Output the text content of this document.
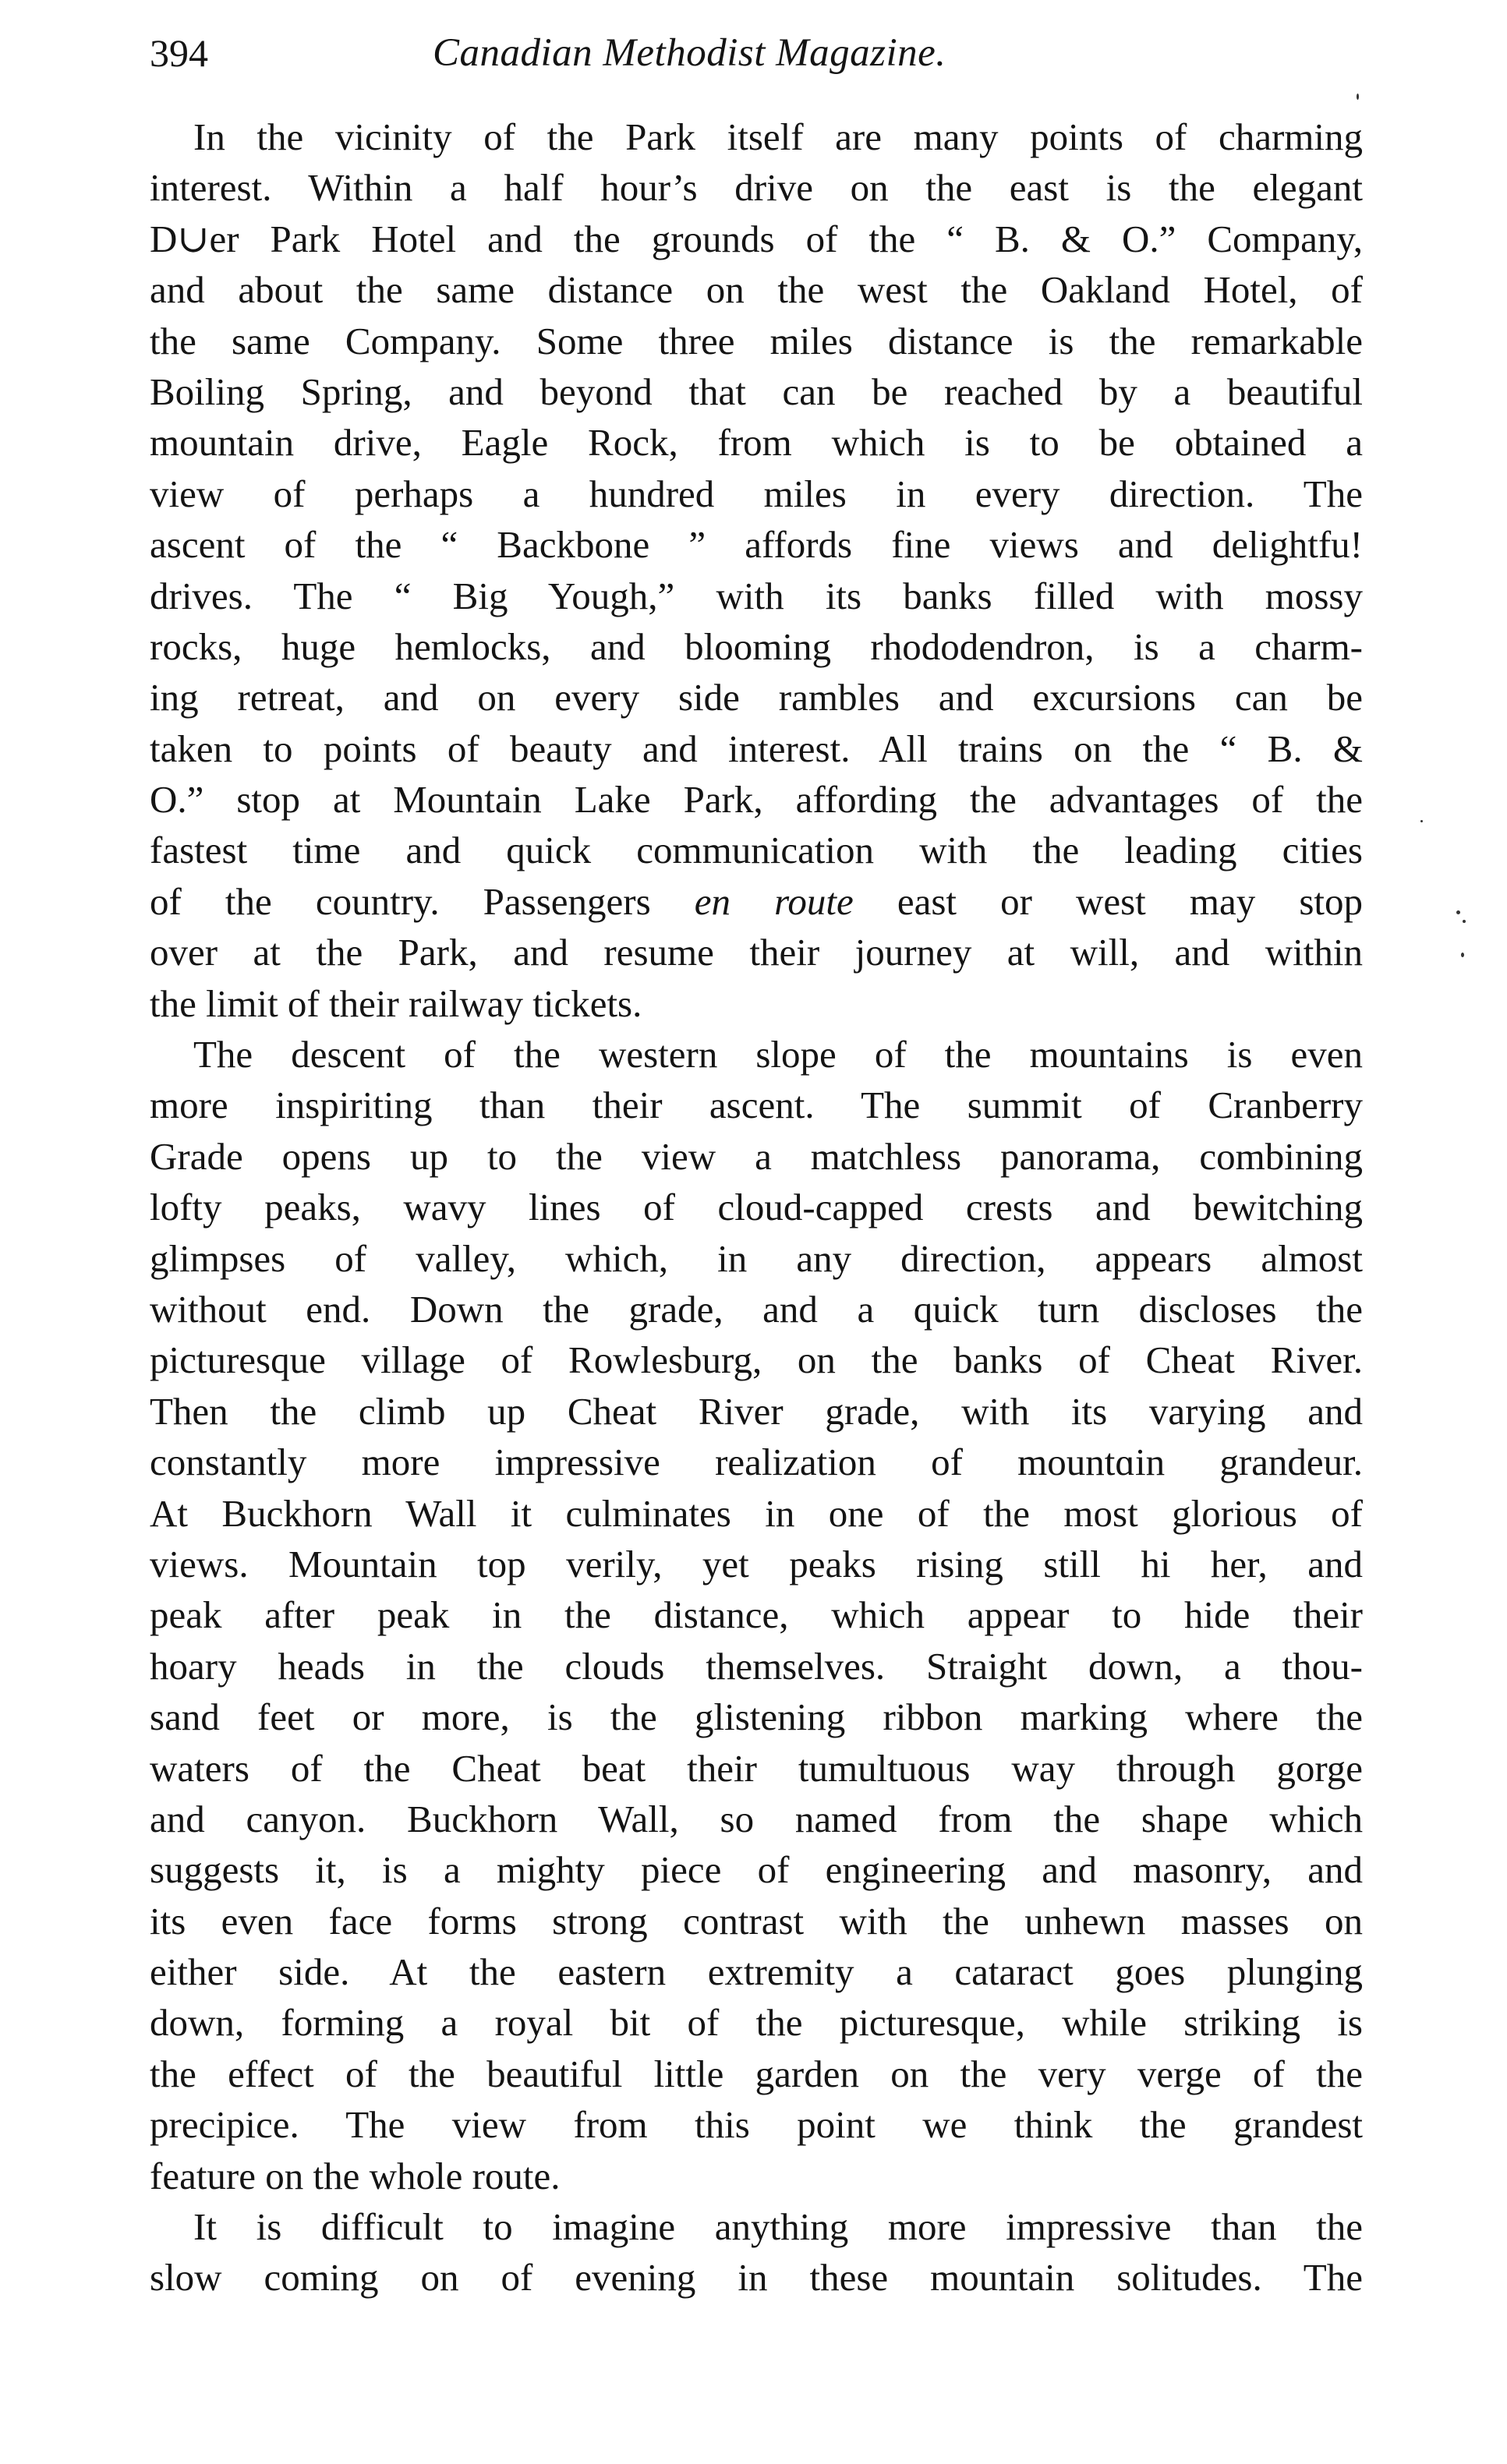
394	Canadian Methodist Magazine.
In the vicinity of the Park itself are many points of charming
interest. Within a half hour’s drive on the east is the elegant
D∪er Park Hotel and the grounds of the “ B. & O.” Company,
and about the same distance on the west the Oakland Hotel, of
the same Company. Some three miles distance is the remarkable
Boiling Spring, and beyond that can be reached by a beautiful
mountain drive, Eagle Rock, from which is to be obtained a
view of perhaps a hundred miles in every direction. The
ascent of the “ Backbone ” affords fine views and delightfu!
drives. The “ Big Yough,” with its banks filled with mossy
rocks, huge hemlocks, and blooming rhododendron, is a charm-
ing retreat, and on every side rambles and excursions can be
taken to points of beauty and interest. All trains on the “ B. &
O.” stop at Mountain Lake Park, affording the advantages of the
fastest time and quick communication with the leading cities
of the country. Passengers en route east or west may stop
over at the Park, and resume their journey at will, and within
the limit of their railway tickets.
The descent of the western slope of the mountains is even
more inspiriting than their ascent. The summit of Cranberry
Grade opens up to the view a matchless panorama, combining
lofty peaks, wavy lines of cloud-capped crests and bewitching
glimpses of valley, which, in any direction, appears almost
without end. Down the grade, and a quick turn discloses the
picturesque village of Rowlesburg, on the banks of Cheat River.
Then the climb up Cheat River grade, with its varying and
constantly more impressive realization of mountɑin grandeur.
At Buckhorn Wall it culminates in one of the most glorious of
views. Mountain top verily, yet peaks rising still hi her, and
peak after peak in the distance, which appear to hide their
hoary heads in the clouds themselves. Straight down, a thou-
sand feet or more, is the glistening ribbon marking where the
waters of the Cheat beat their tumultuous way through gorge
and canyon. Buckhorn Wall, so named from the shape which
suggests it, is a mighty piece of engineering and masonry, and
its even face forms strong contrast with the unhewn masses on
either side. At the eastern extremity a cataract goes plunging
down, forming a royal bit of the picturesque, while striking is
the effect of the beautiful little garden on the very verge of the
precipice. The view from this point we think the grandest
feature on the whole route.
It is difficult to imagine anything more impressive than the
slow coming on of evening in these mountain solitudes. The
